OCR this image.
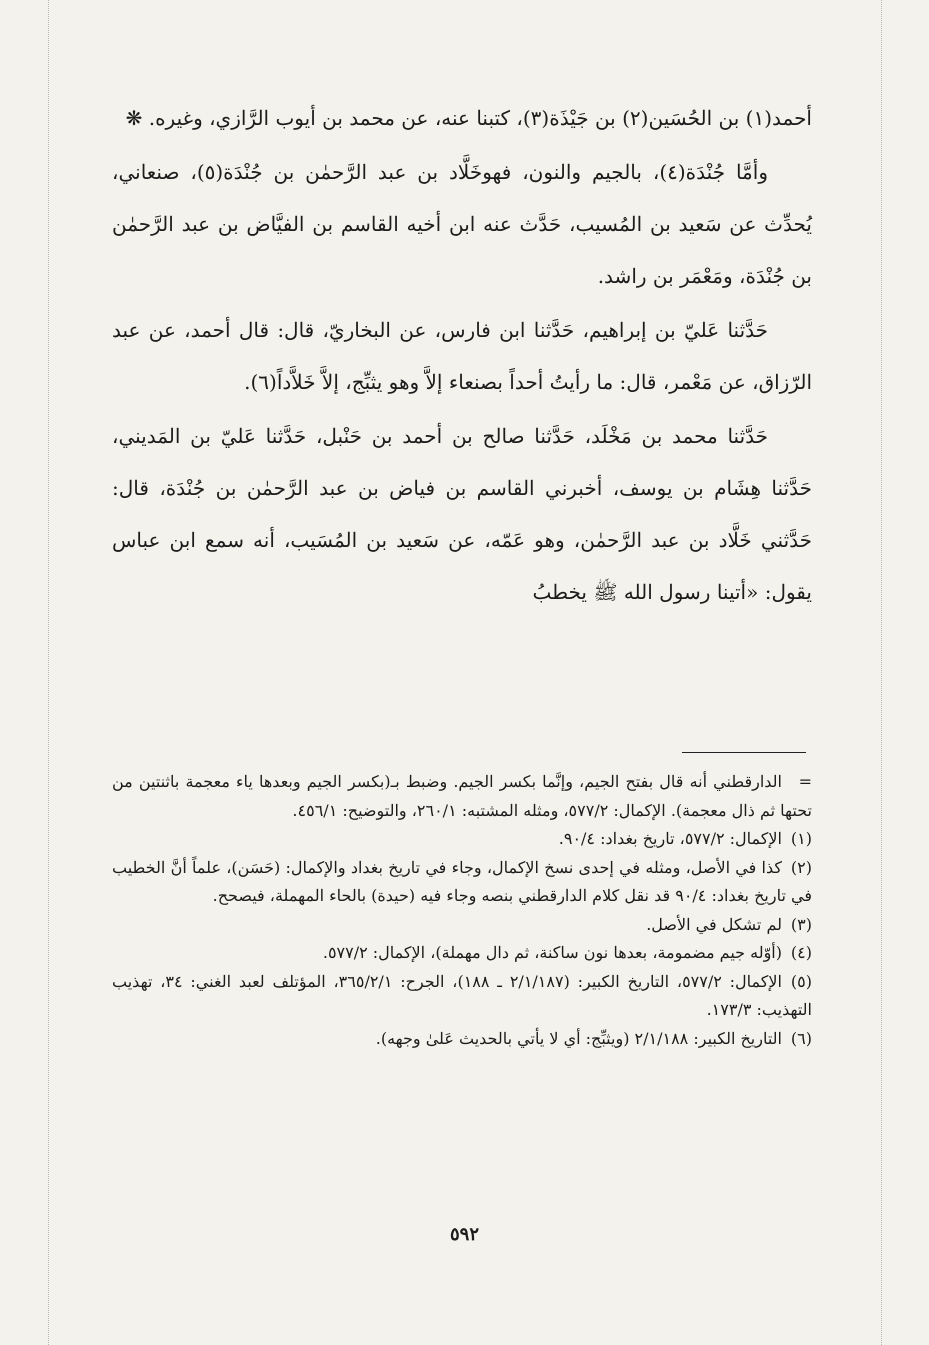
أحمد(١) بن الحُسَين(٢) بن جَيْذَة(٣)، كتبنا عنه، عن محمد بن أيوب الرَّازي، وغيره. ❋

وأمَّا جُنْدَة(٤)، بالجيم والنون، فهوخَلَّاد بن عبد الرَّحمٰن بن جُنْدَة(٥)، صنعاني، يُحدِّث عن سَعيد بن المُسيب، حَدَّث عنه ابن أخيه القاسم بن الفيَّاض بن عبد الرَّحمٰن بن جُنْدَة، ومَعْمَر بن راشد.

حَدَّثنا عَليّ بن إبراهيم، حَدَّثنا ابن فارس، عن البخاريّ، قال: قال أحمد، عن عبد الرّزاق، عن مَعْمر، قال: ما رأيتُ أحداً بصنعاء إلاَّ وهو يثبِّج، إلاَّ خَلاَّداً(٦).

حَدَّثنا محمد بن مَخْلَد، حَدَّثنا صالح بن أحمد بن حَنْبل، حَدَّثنا عَليّ بن المَديني، حَدَّثنا هِشَام بن يوسف، أخبرني القاسم بن فياض بن عبد الرَّحمٰن بن جُنْدَة، قال: حَدَّثني خَلَّاد بن عبد الرَّحمٰن، وهو عَمّه، عن سَعيد بن المُسَيب، أنه سمع ابن عباس يقول: «أتينا رسول الله ﷺ يخطبُ

=الدارقطني أنه قال بفتح الجيم، وإنَّما بكسر الجيم. وضبط بـ(بكسر الجيم وبعدها ياء معجمة باثنتين من تحتها ثم ذال معجمة). الإكمال: ٥٧٧/٢، ومثله المشتبه: ٢٦٠/١، والتوضيح: ٤٥٦/١.

(١)الإكمال: ٥٧٧/٢، تاريخ بغداد: ٩٠/٤.

(٢)كذا في الأصل، ومثله في إحدى نسخ الإكمال، وجاء في تاريخ بغداد والإكمال: (حَسَن)، علماً أنَّ الخطيب في تاريخ بغداد: ٩٠/٤ قد نقل كلام الدارقطني بنصه وجاء فيه (حيدة) بالحاء المهملة، فيصحح.

(٣)لم تشكل في الأصل.

(٤)(أوّله جيم مضمومة، بعدها نون ساكنة، ثم دال مهملة)، الإكمال: ٥٧٧/٢.

(٥)الإكمال: ٥٧٧/٢، التاريخ الكبير: (٢/١/١٨٧ ـ ١٨٨)، الجرح: ٣٦٥/٢/١، المؤتلف لعبد الغني: ٣٤، تهذيب التهذيب: ١٧٣/٣.

(٦)التاريخ الكبير: ٢/١/١٨٨ (ويثبِّج: أي لا يأتي بالحديث عَلىٰ وجهه).

٥٩٢
